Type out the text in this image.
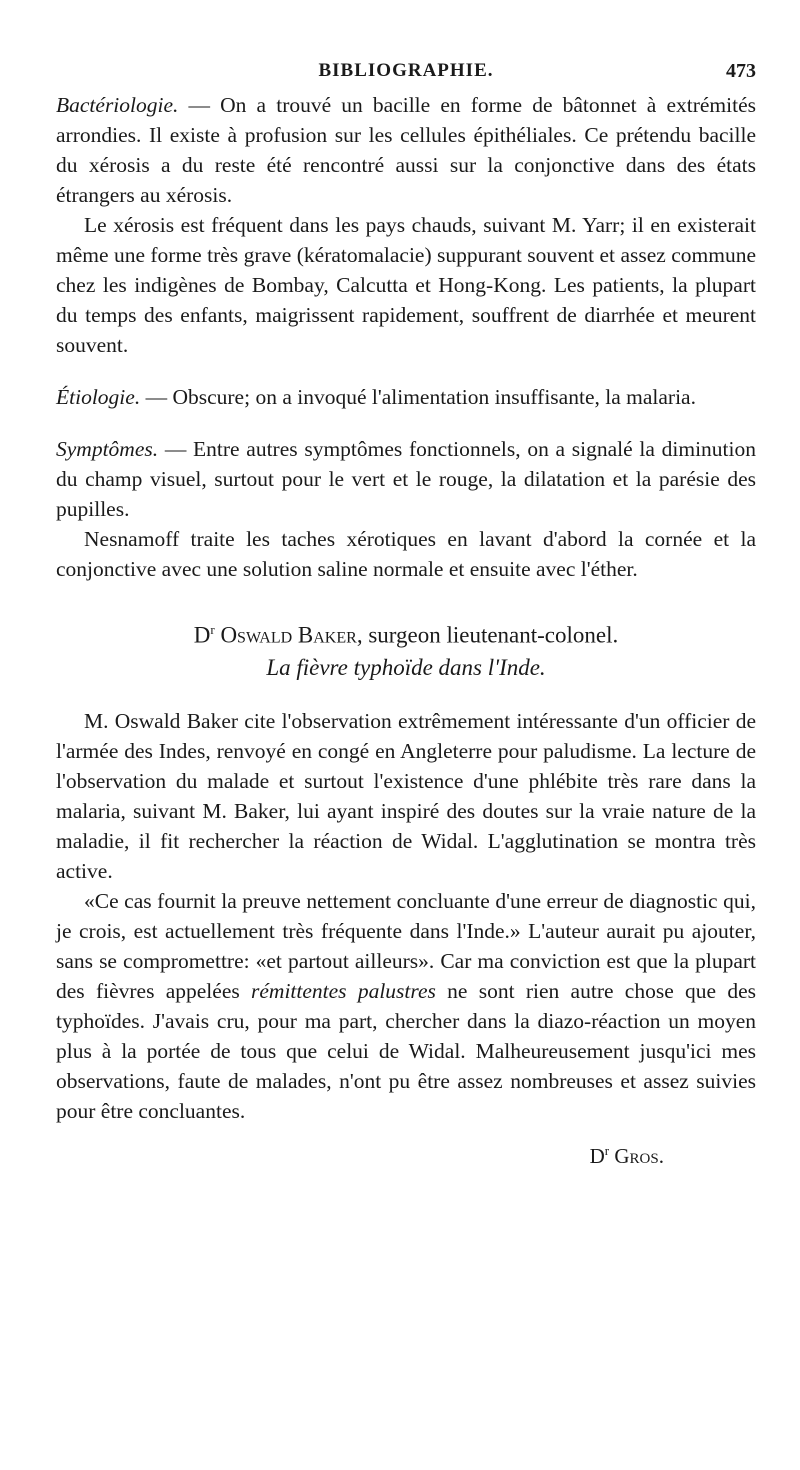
BIBLIOGRAPHIE.	473

Bactériologie. — On a trouvé un bacille en forme de bâtonnet à extrémités arrondies. Il existe à profusion sur les cellules épithéliales. Ce prétendu bacille du xérosis a du reste été rencontré aussi sur la conjonctive dans des états étrangers au xérosis.

Le xérosis est fréquent dans les pays chauds, suivant M. Yarr; il en existerait même une forme très grave (kératomalacie) suppurant souvent et assez commune chez les indigènes de Bombay, Calcutta et Hong-Kong. Les patients, la plupart du temps des enfants, maigrissent rapidement, souffrent de diarrhée et meurent souvent.

Étiologie. — Obscure; on a invoqué l'alimentation insuffisante, la malaria.

Symptômes. — Entre autres symptômes fonctionnels, on a signalé la diminution du champ visuel, surtout pour le vert et le rouge, la dilatation et la parésie des pupilles.

Nesnamoff traite les taches xérotiques en lavant d'abord la cornée et la conjonctive avec une solution saline normale et ensuite avec l'éther.

$D^r$ Oswald Baker, surgeon lieutenant-colonel.
La fièvre typhoïde dans l'Inde.

M. Oswald Baker cite l'observation extrêmement intéressante d'un officier de l'armée des Indes, renvoyé en congé en Angleterre pour paludisme. La lecture de l'observation du malade et surtout l'existence d'une phlébite très rare dans la malaria, suivant M. Baker, lui ayant inspiré des doutes sur la vraie nature de la maladie, il fit rechercher la réaction de Widal. L'agglutination se montra très active.

«Ce cas fournit la preuve nettement concluante d'une erreur de diagnostic qui, je crois, est actuellement très fréquente dans l'Inde.» L'auteur aurait pu ajouter, sans se compromettre: «et partout ailleurs». Car ma conviction est que la plupart des fièvres appelées rémittentes palustres ne sont rien autre chose que des typhoïdes. J'avais cru, pour ma part, chercher dans la diazo-réaction un moyen plus à la portée de tous que celui de Widal. Malheureusement jusqu'ici mes observations, faute de malades, n'ont pu être assez nombreuses et assez suivies pour être concluantes.

$D^r$ Gros.
